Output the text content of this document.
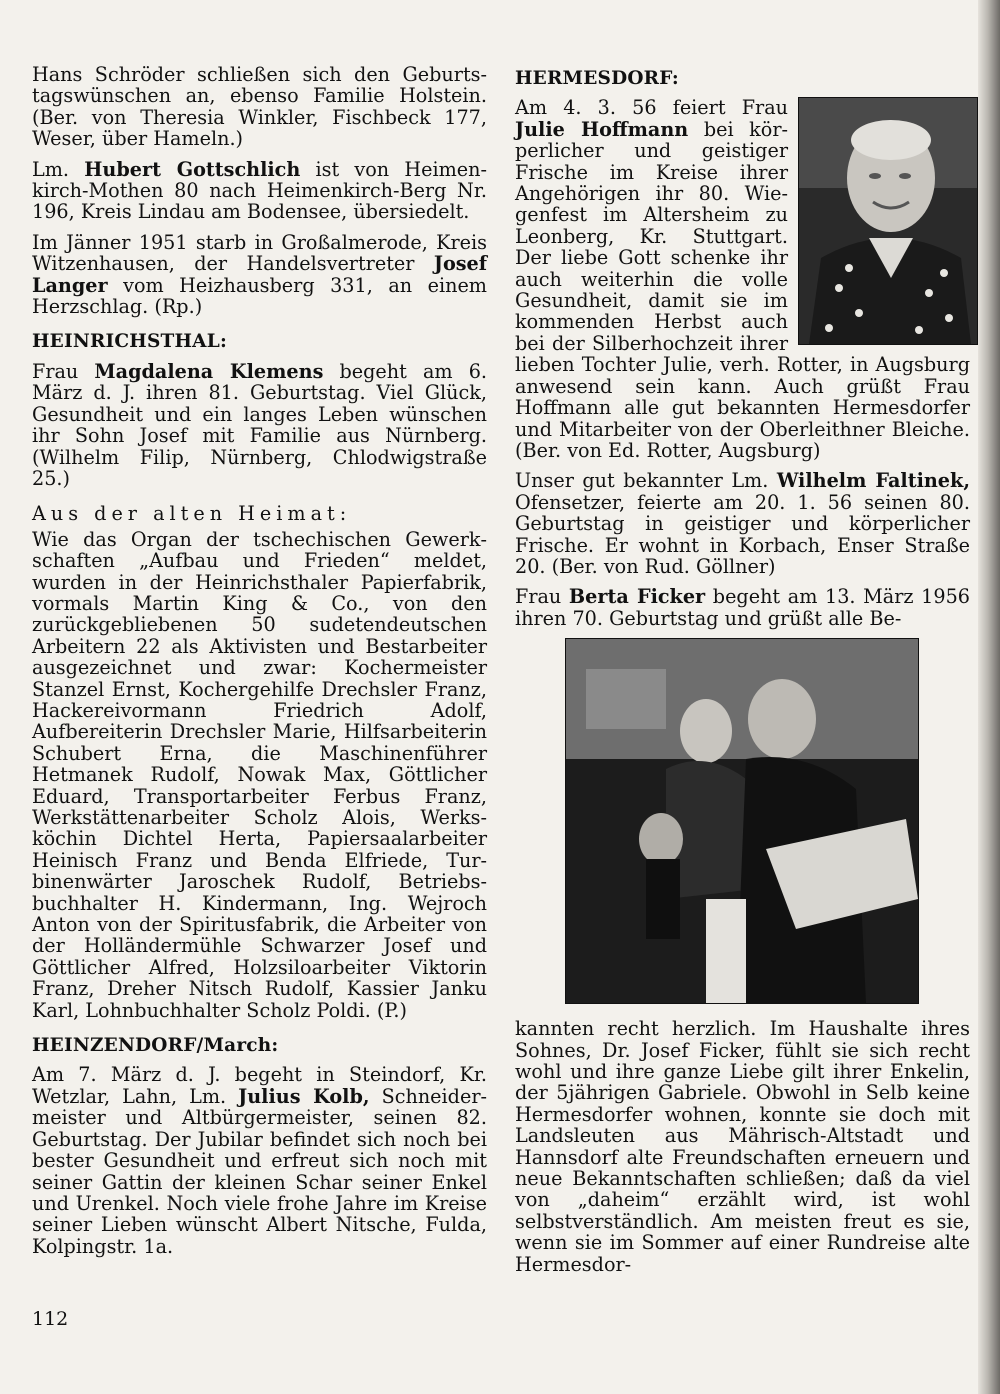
Hans Schröder schließen sich den Geburtstagswünschen an, ebenso Familie Holstein. (Ber. von Theresia Winkler, Fischbeck 177, Weser, über Hameln.)

Lm. Hubert Gottschlich ist von Heimenkirch-Mothen 80 nach Heimenkirch-Berg Nr. 196, Kreis Lindau am Bodensee, übersiedelt.

Im Jänner 1951 starb in Großalmerode, Kreis Witzenhausen, der Handelsvertreter Josef Langer vom Heizhausberg 331, an einem Herzschlag. (Rp.)

HEINRICHSTHAL:

Frau Magdalena Klemens begeht am 6. März d. J. ihren 81. Geburtstag. Viel Glück, Gesundheit und ein langes Leben wünschen ihr Sohn Josef mit Familie aus Nürnberg. (Wilhelm Filip, Nürnberg, Chlodwigstraße 25.)

Aus der alten Heimat:

Wie das Organ der tschechischen Gewerkschaften „Aufbau und Frieden“ meldet, wurden in der Heinrichsthaler Papierfabrik, vormals Martin King & Co., von den zurückgebliebenen 50 sudetendeutschen Arbeitern 22 als Aktivisten und Bestarbeiter ausgezeichnet und zwar: Kochermeister Stanzel Ernst, Kochergehilfe Drechsler Franz, Hackereivormann Friedrich Adolf, Aufbereiterin Drechsler Marie, Hilfsarbeiterin Schubert Erna, die Maschinenführer Hetmanek Rudolf, Nowak Max, Göttlicher Eduard, Transportarbeiter Ferbus Franz, Werkstättenarbeiter Scholz Alois, Werksköchin Dichtel Herta, Papiersaalarbeiter Heinisch Franz und Benda Elfriede, Turbinenwärter Jaroschek Rudolf, Betriebsbuchhalter H. Kindermann, Ing. Wejroch Anton von der Spiritusfabrik, die Arbeiter von der Holländermühle Schwarzer Josef und Göttlicher Alfred, Holzsiloarbeiter Viktorin Franz, Dreher Nitsch Rudolf, Kassier Janku Karl, Lohnbuchhalter Scholz Poldi. (P.)

HEINZENDORF/March:

Am 7. März d. J. begeht in Steindorf, Kr. Wetzlar, Lahn, Lm. Julius Kolb, Schneidermeister und Altbürgermeister, seinen 82. Geburtstag. Der Jubilar befindet sich noch bei bester Gesundheit und erfreut sich noch mit seiner Gattin der kleinen Schar seiner Enkel und Urenkel. Noch viele frohe Jahre im Kreise seiner Lieben wünscht Albert Nitsche, Fulda, Kolpingstr. 1a.

HERMESDORF:

Am 4. 3. 56 feiert Frau Julie Hoffmann bei körperlicher und geistiger Frische im Kreise ihrer Angehörigen ihr 80. Wiegenfest im Altersheim zu Leonberg, Kr. Stuttgart. Der liebe Gott schenke ihr auch weiterhin die volle Gesundheit, damit sie im kommenden Herbst auch bei der Silberhochzeit ihrer lieben Tochter Julie, verh. Rotter, in Augsburg anwesend sein kann. Auch grüßt Frau Hoffmann alle gut bekannten Hermesdorfer und Mitarbeiter von der Oberleithner Bleiche. (Ber. von Ed. Rotter, Augsburg)

Unser gut bekannter Lm. Wilhelm Faltinek, Ofensetzer, feierte am 20. 1. 56 seinen 80. Geburtstag in geistiger und körperlicher Frische. Er wohnt in Korbach, Enser Straße 20. (Ber. von Rud. Göllner)

Frau Berta Ficker begeht am 13. März 1956 ihren 70. Geburtstag und grüßt alle Be-

kannten recht herzlich. Im Haushalte ihres Sohnes, Dr. Josef Ficker, fühlt sie sich recht wohl und ihre ganze Liebe gilt ihrer Enkelin, der 5jährigen Gabriele. Obwohl in Selb keine Hermesdorfer wohnen, konnte sie doch mit Landsleuten aus Mährisch-Altstadt und Hannsdorf alte Freundschaften erneuern und neue Bekanntschaften schließen; daß da viel von „daheim“ erzählt wird, ist wohl selbstverständlich. Am meisten freut es sie, wenn sie im Sommer auf einer Rundreise alte Hermesdor-

112
